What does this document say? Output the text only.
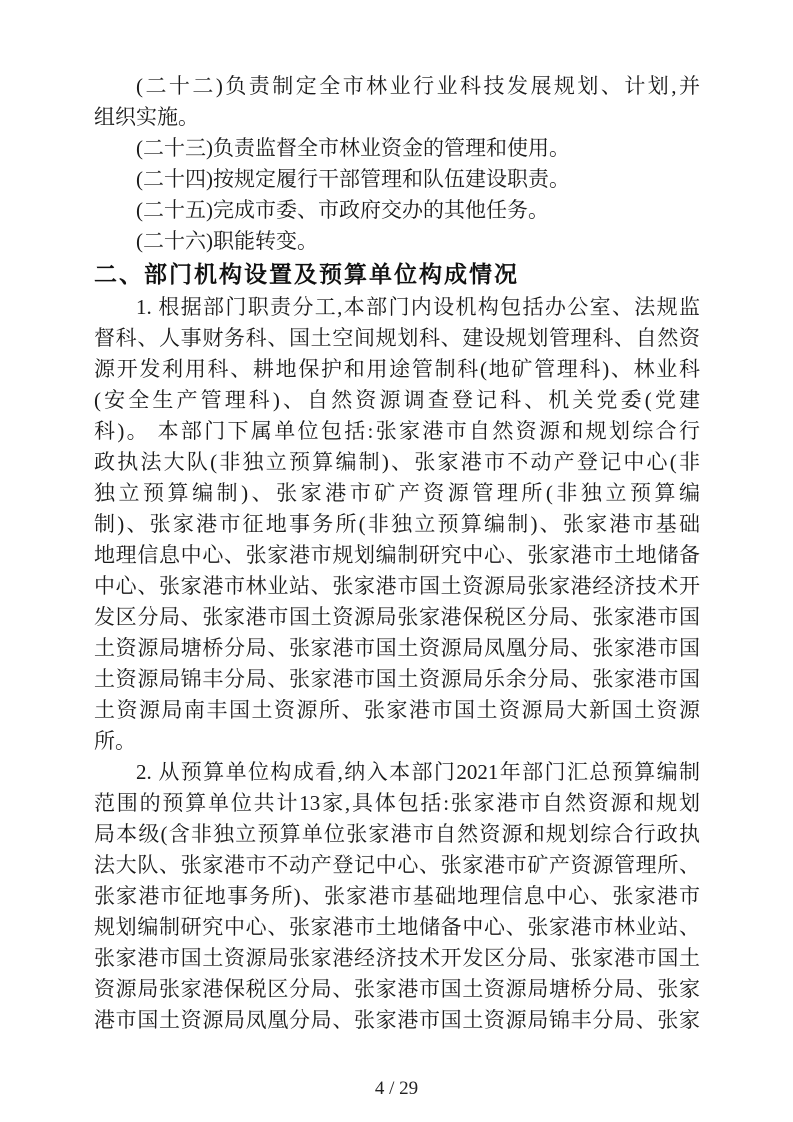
(二十二)负责制定全市林业行业科技发展规划、计划,并
组织实施。
(二十三)负责监督全市林业资金的管理和使用。
(二十四)按规定履行干部管理和队伍建设职责。
(二十五)完成市委、市政府交办的其他任务。
(二十六)职能转变。
二、部门机构设置及预算单位构成情况
1. 根据部门职责分工,本部门内设机构包括办公室、法规监
督科、人事财务科、国土空间规划科、建设规划管理科、自然资
源开发利用科、耕地保护和用途管制科(地矿管理科)、林业科
(安全生产管理科)、自然资源调查登记科、机关党委(党建
科)。 本部门下属单位包括:张家港市自然资源和规划综合行
政执法大队(非独立预算编制)、张家港市不动产登记中心(非
独立预算编制)、张家港市矿产资源管理所(非独立预算编
制)、张家港市征地事务所(非独立预算编制)、张家港市基础
地理信息中心、张家港市规划编制研究中心、张家港市土地储备
中心、张家港市林业站、张家港市国土资源局张家港经济技术开
发区分局、张家港市国土资源局张家港保税区分局、张家港市国
土资源局塘桥分局、张家港市国土资源局凤凰分局、张家港市国
土资源局锦丰分局、张家港市国土资源局乐余分局、张家港市国
土资源局南丰国土资源所、张家港市国土资源局大新国土资源
所。
2. 从预算单位构成看,纳入本部门2021年部门汇总预算编制
范围的预算单位共计13家,具体包括:张家港市自然资源和规划
局本级(含非独立预算单位张家港市自然资源和规划综合行政执
法大队、张家港市不动产登记中心、张家港市矿产资源管理所、
张家港市征地事务所)、张家港市基础地理信息中心、张家港市
规划编制研究中心、张家港市土地储备中心、张家港市林业站、
张家港市国土资源局张家港经济技术开发区分局、张家港市国土
资源局张家港保税区分局、张家港市国土资源局塘桥分局、张家
港市国土资源局凤凰分局、张家港市国土资源局锦丰分局、张家
4 / 29
